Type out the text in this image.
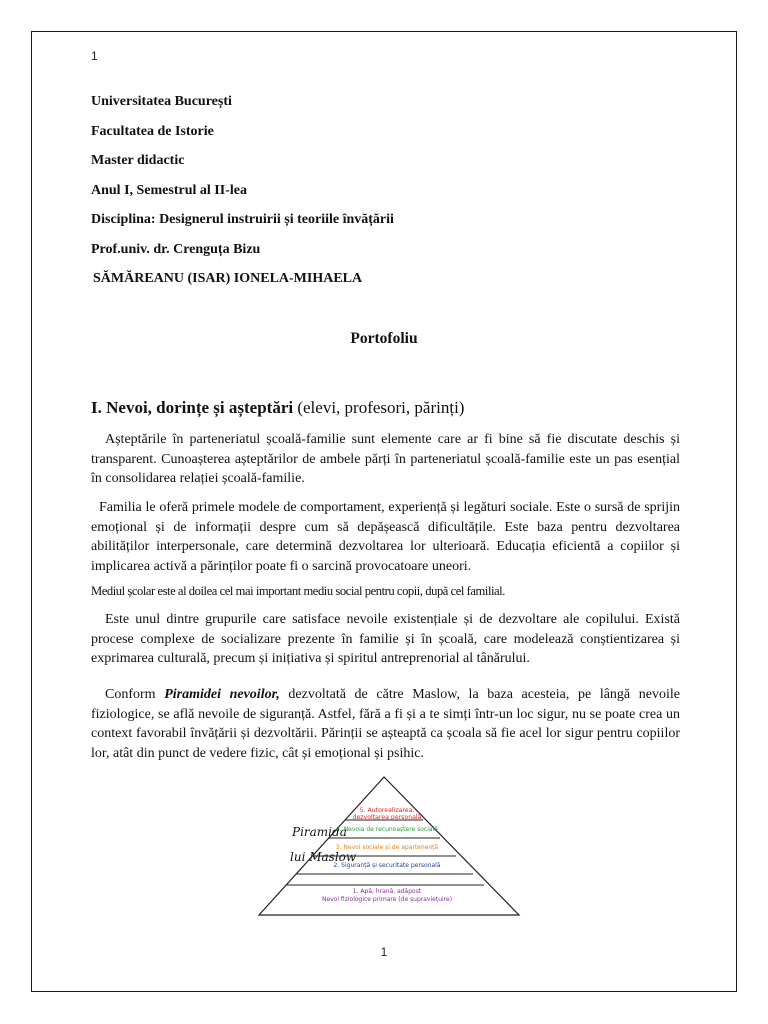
1
Universitatea București
Facultatea de Istorie
Master didactic
Anul I, Semestrul al II-lea
Disciplina: Designerul instruirii și teoriile învățării
Prof.univ. dr. Crenguța Bizu
SĂMĂREANU (ISAR) IONELA-MIHAELA
Portofoliu
I. Nevoi, dorințe și așteptări (elevi, profesori, părinți)
Așteptările în parteneriatul școală-familie sunt elemente care ar fi bine să fie discutate deschis și transparent. Cunoașterea așteptărilor de ambele părți în parteneriatul școală-familie este un pas esențial în consolidarea relației școală-familie.
Familia le oferă primele modele de comportament, experiență și legături sociale. Este o sursă de sprijin emoțional și de informații despre cum să depășească dificultățile. Este baza pentru dezvoltarea abilităților interpersonale, care determină dezvoltarea lor ulterioară. Educația eficientă a copiilor și implicarea activă a părinților poate fi o sarcină provocatoare uneori.
Mediul școlar este al doilea cel mai important mediu social pentru copii, după cel familial.
Este unul dintre grupurile care satisface nevoile existențiale și de dezvoltare ale copilului. Există procese complexe de socializare prezente în familie și în școală, care modelează conștientizarea și exprimarea culturală, precum și inițiativa și spiritul antreprenorial al tânărului.
Conform Piramidei nevoilor, dezvoltată de către Maslow, la baza acesteia, pe lângă nevoile fiziologice, se află nevoile de siguranță. Astfel, fără a fi și a te simți într-un loc sigur, nu se poate crea un context favorabil învățării și dezvoltării. Părinții se așteaptă ca școala să fie acel lor sigur pentru copiilor lor, atât din punct de vedere fizic, cât și emoțional și psihic.
Piramida
lui Maslow
5. Autorealizarea,
dezvoltarea personală
4. Nevoia de recunoaștere socială
3. Nevoi sociale și de apartenență
2. Siguranță și securitate personală
1. Apă, hrană, adăpost
Nevoi fiziologice primare (de supraviețuire)
1
